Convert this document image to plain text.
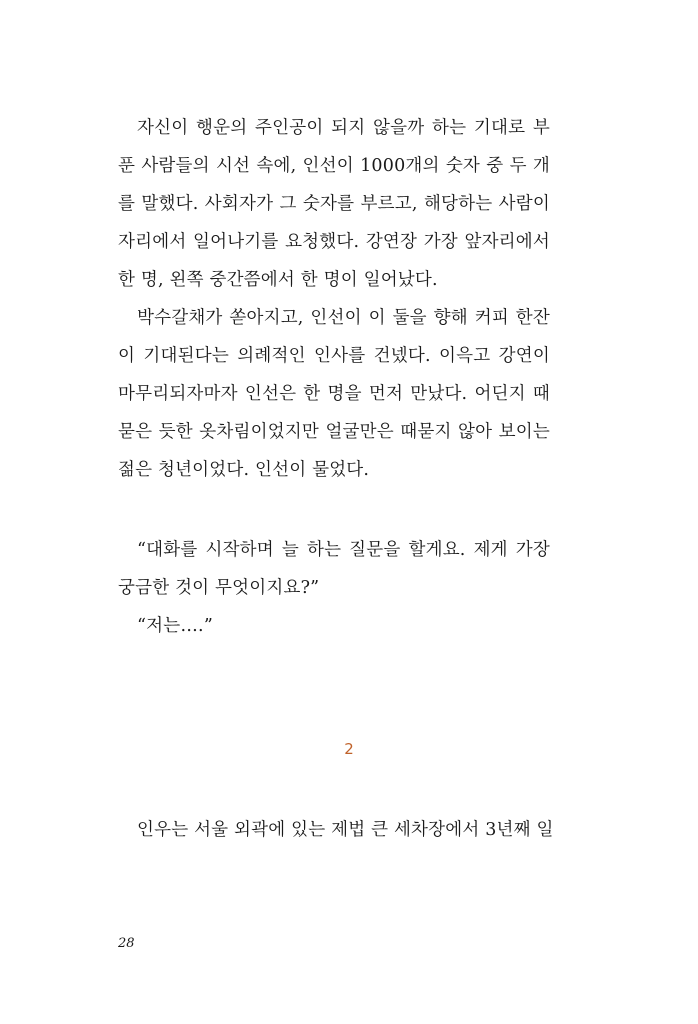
자신이 행운의 주인공이 되지 않을까 하는 기대로 부
푼 사람들의 시선 속에, 인선이 1000개의 숫자 중 두 개
를 말했다. 사회자가 그 숫자를 부르고, 해당하는 사람이
자리에서 일어나기를 요청했다. 강연장 가장 앞자리에서
한 명, 왼쪽 중간쯤에서 한 명이 일어났다.
박수갈채가 쏟아지고, 인선이 이 둘을 향해 커피 한잔
이 기대된다는 의례적인 인사를 건넸다. 이윽고 강연이
마무리되자마자 인선은 한 명을 먼저 만났다. 어딘지 때
묻은 듯한 옷차림이었지만 얼굴만은 때묻지 않아 보이는
젊은 청년이었다. 인선이 물었다.
“대화를 시작하며 늘 하는 질문을 할게요. 제게 가장
궁금한 것이 무엇이지요?”
“저는….”
2
인우는 서울 외곽에 있는 제법 큰 세차장에서 3년째 일
28
